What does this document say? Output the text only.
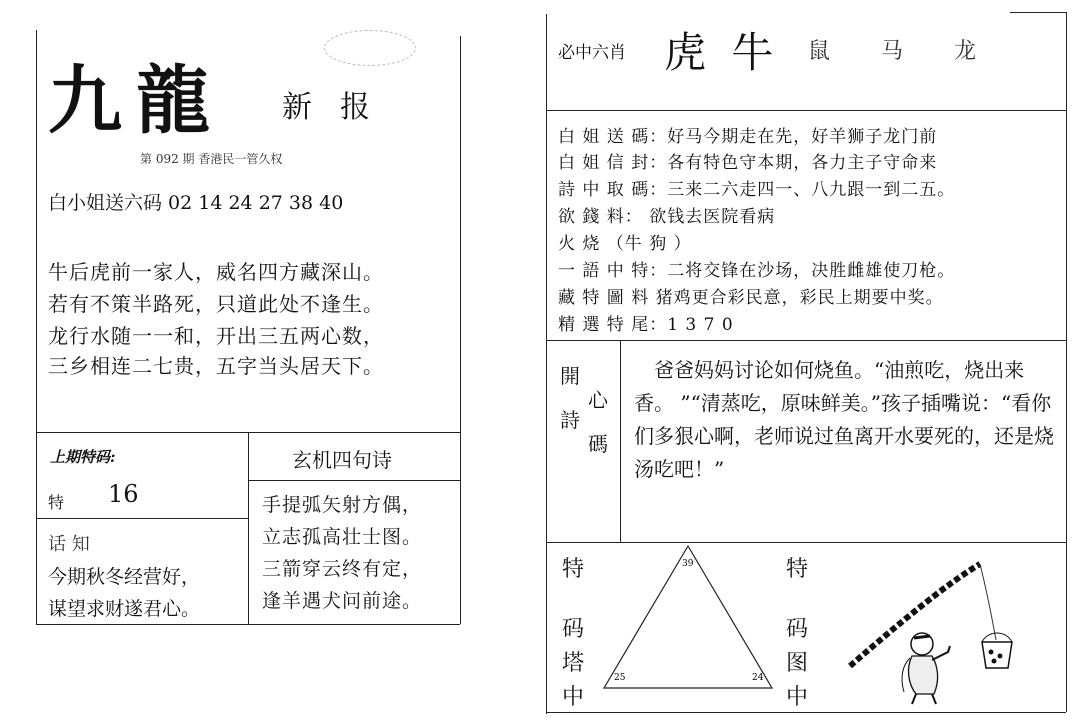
九龍 新报
第 092 期 香港民一管久权
白小姐送六码 02 14 24 27 38 40
牛后虎前一家人，威名四方藏深山。
若有不策半路死，只道此处不逢生。
龙行水随一一和，开出三五两心数，
三乡相连二七贵，五字当头居天下。
上期特码:
特 16
话 知
今期秋冬经营好，
谋望求财遂君心。
玄机四句诗
手提弧矢射方偶，
立志孤高壮士图。
三箭穿云终有定，
逢羊遇犬问前途。
必中六肖 虎 牛 鼠 马 龙
白 姐 送 碼：好马今期走在先，好羊狮子龙门前
白 姐 信 封：各有特色守本期，各力主子守命来
詩 中 取 碼：三来二六走四一、八九跟一到二五。
欲 錢 料： 欲钱去医院看病
火 烧 （牛 狗 ）
一 語 中 特：二将交锋在沙场，决胜雌雄使刀枪。
藏 特 圖 料 猪鸡更合彩民意，彩民上期要中奖。
精 選 特 尾：1 3 7 0
開
心
詩
碼
爸爸妈妈讨论如何烧鱼。“油煎吃，烧出来香。 ”“清蒸吃，原味鲜美。”孩子插嘴说：“看你们多狠心啊，老师说过鱼离开水要死的，还是烧汤吃吧！”
特
码
塔
中
39
25	24
特
码
图
中
